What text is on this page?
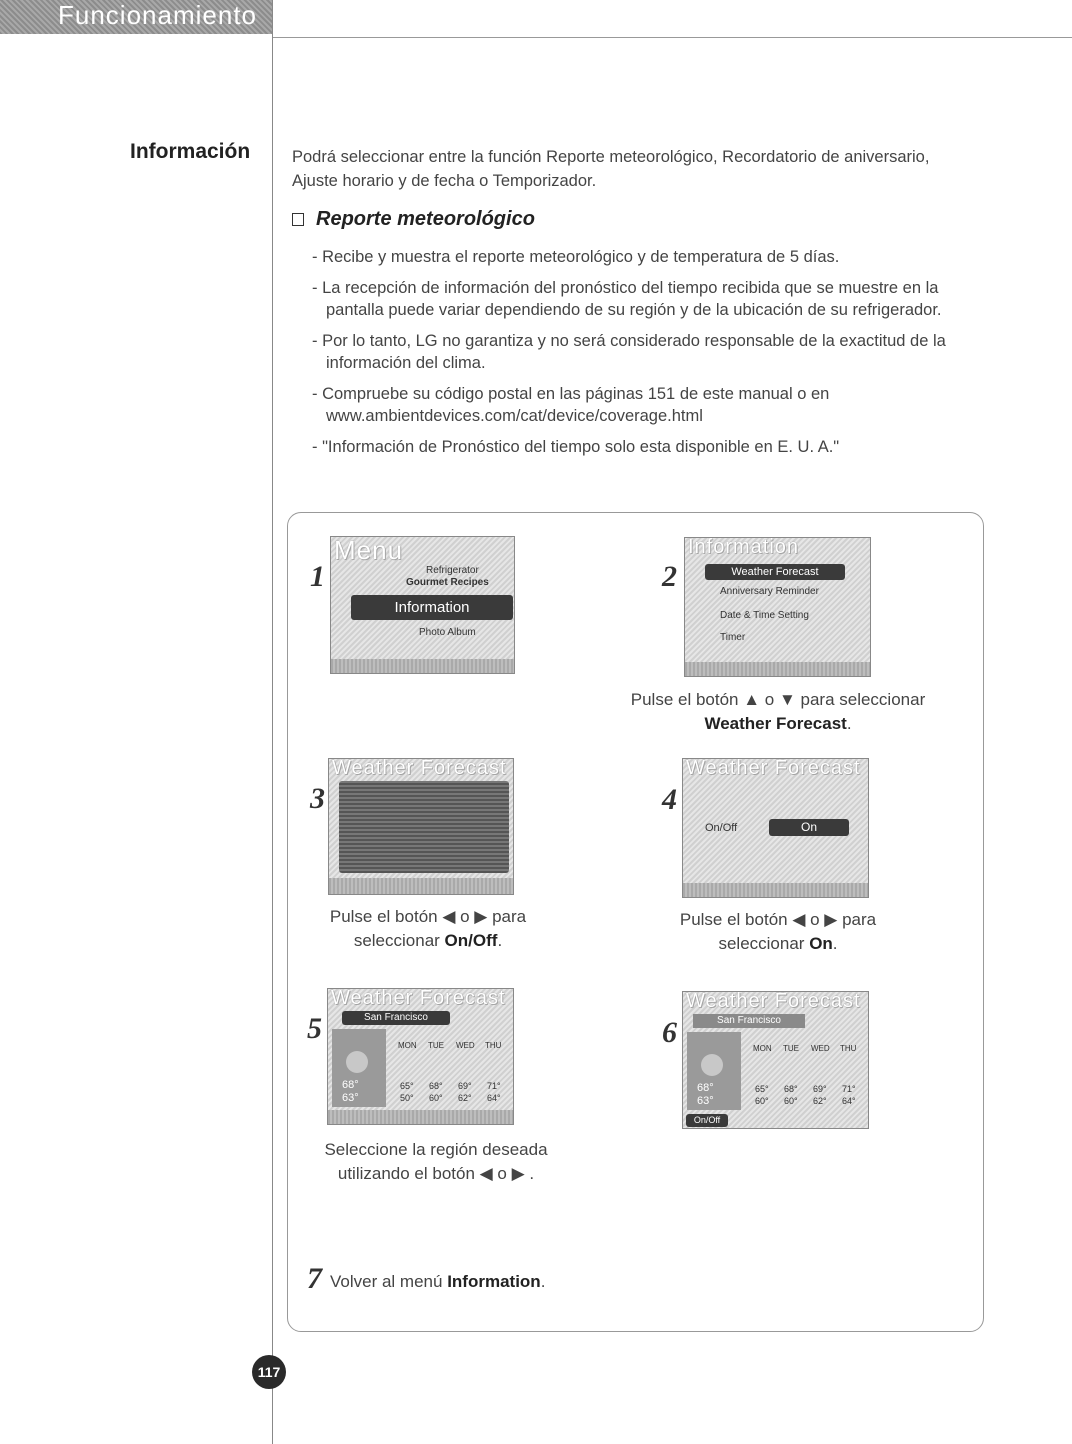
Funcionamiento
Información	Podrá seleccionar entre la función Reporte meteorológico, Recordatorio de aniversario, Ajuste horario y de fecha o Temporizador.

Reporte meteorológico
- Recibe y muestra el reporte meteorológico y de temperatura de 5 días.
- La recepción de información del pronóstico del tiempo recibida que se muestre en la pantalla puede variar dependiendo de su región y de la ubicación de su refrigerador.
- Por lo tanto, LG no garantiza y no será considerado responsable de la exactitud de la información del clima.
- Compruebe su código postal en las páginas 151 de este manual o en www.ambientdevices.com/cat/device/coverage.html
- "Información de Pronóstico del tiempo solo esta disponible en E. U. A."
1
Menu
Refrigerator
Gourmet Recipes
Information
Photo Album
2
Information
Weather Forecast
Anniversary Reminder
Date & Time Setting
Timer
Pulse el botón ▲ o ▼ para seleccionar Weather Forecast.
3
Weather Forecast
Pulse el botón ◀ o ▶ para seleccionar On/Off.
4
Weather Forecast
On/Off	On
Pulse el botón ◀ o ▶ para seleccionar On.
5
Weather Forecast
San Francisco
68°
63°
MON TUE WED THU
65° 68° 69° 71°
50° 60° 62° 64°
Seleccione la región deseada utilizando el botón ◀ o ▶ .
6
Weather Forecast
San Francisco
68°
63°
MON TUE WED THU
65° 68° 69° 71°
60° 60° 62° 64°
On/Off
7 Volver al menú Information.
117
